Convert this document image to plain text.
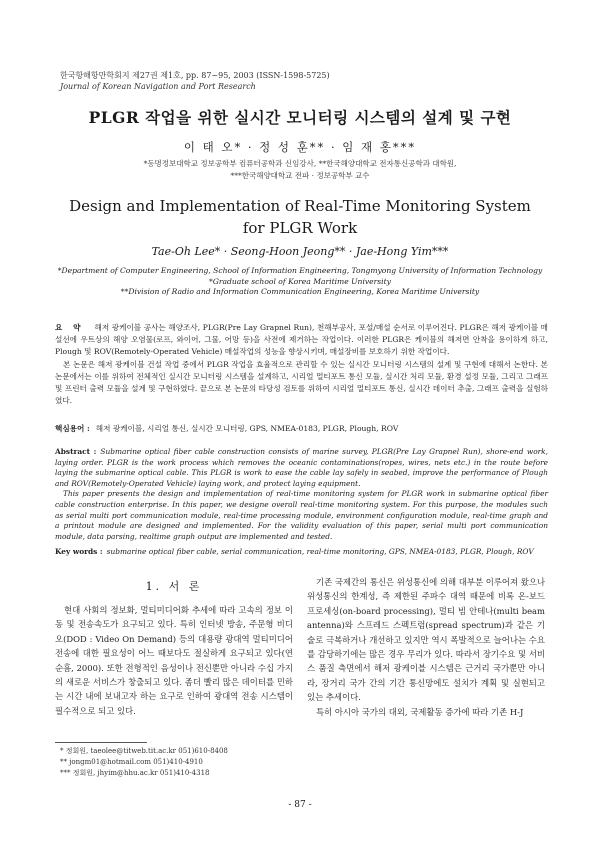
한국항해항만학회지 제27권 제1호, pp. 87~95, 2003 (ISSN-1598-5725)
Journal of Korean Navigation and Port Research
PLGR 작업을 위한 실시간 모니터링 시스템의 설계 및 구현
이 태 오* · 정 성 훈** · 임 재 홍***
*동명정보대학교 정보공학부 컴퓨터공학과 신임강사, **한국해양대학교 전자통신공학과 대학원,
***한국해양대학교 전파 · 정보공학부 교수
Design and Implementation of Real-Time Monitoring System
for PLGR Work
Tae-Oh Lee* · Seong-Hoon Jeong** · Jae-Hong Yim***
*Department of Computer Engineering, School of Information Engineering, Tongmyong University of Information Technology
*Graduate school of Korea Maritime University
**Division of Radio and Information Communication Engineering, Korea Maritime University

요 약 해저 광케이블 공사는 해양조사, PLGR(Pre Lay Grapnel Run), 천해부공사, 포설/매설 순서로 이루어진다. PLGR은 해저 광케이블 매설선에 우트상의 해양 오염물(로프, 와이어, 그물, 어망 등)을 사전에 제거하는 작업이다. 이러한 PLGR은 케이블의 해저면 안착을 용이하게 하고, Plough 및 ROV(Remotely-Operated Vehicle) 매설작업의 성능을 향상시키며, 매설장비를 보호하기 위한 작업이다.

본 논문은 해저 광케이블 건설 작업 중에서 PLGR 작업을 효율적으로 관리할 수 있는 실시간 모니터링 시스템의 설계 및 구현에 대해서 논한다. 본 논문에서는 이를 위하여 전체적인 실시간 모니터링 시스템을 설계하고, 시리얼 멀티포트 통신 모듈, 실시간 처리 모듈, 환경 설정 모듈, 그리고 그래프 및 프린터 출력 모듈을 설계 및 구현하였다. 끝으로 본 논문의 타당성 검토를 위하여 시리얼 멀티포트 통신, 실시간 데이터 추출, 그래프 출력을 실험하였다.

핵심용어 : 해저 광케이블, 시리얼 통신, 실시간 모니터링, GPS, NMEA-0183, PLGR, Plough, ROV

Abstract : Submarine optical fiber cable construction consists of marine survey, PLGR(Pre Lay Grapnel Run), shore-end work, laying order. PLGR is the work process which removes the oceanic contaminations(ropes, wires, nets etc.) in the route before laying the submarine optical cable. This PLGR is work to ease the cable lay safely in seabed, improve the performance of Plough and ROV(Remotely-Operated Vehicle) laying work, and protect laying equipment.

This paper presents the design and implementation of real-time monitoring system for PLGR work in submarine optical fiber cable construction enterprise. In this paper, we designe overall real-time monitoring system. For this purpose, the modules such as serial multi port communication module, real-time processing module, environment configuration module, real-time graph and a printout module are designed and implemented. For the validity evaluation of this paper, serial multi port communication module, data parsing, realtime graph output are implemented and tested.

Key words : submarine optical fiber cable, serial communication, real-time monitoring, GPS, NMEA-0183, PLGR, Plough, ROV
1. 서 론

현대 사회의 정보화, 멀티미디어화 추세에 따라 고속의 정보 이동 및 전송속도가 요구되고 있다. 특히 인터넷 방송, 주문형 비디오(DOD : Video On Demand) 등의 대용량 광대역 멀티미디어 전송에 대한 필요성이 어느 때보다도 절실하게 요구되고 있다(연순흠, 2000). 또한 전형적인 음성이나 전신뿐만 아니라 수십 가지의 새로운 서비스가 창출되고 있다. 좀더 빨리 많은 데이터를 민하는 시간 내에 보내고자 하는 요구로 인하여 광대역 전송 시스템이 필수적으로 되고 있다.

기존 국제간의 통신은 위성통신에 의해 대부분 이루어져 왔으나 위성통신의 한계성, 즉 제한된 주파수 대역 때문에 비록 온-보드 프로세싱(on-board processing), 멀티 빔 안테나(multi beam antenna)와 스프레드 스펙트럼(spread spectrum)과 같은 기술로 극복하거나 개선하고 있지만 역시 폭발적으로 늘어나는 수요를 감당하기에는 많은 경우 무리가 있다. 따라서 장기수요 및 서비스 품질 측면에서 해저 광케이블 시스템은 근거리 국가뿐만 아니라, 장거리 국가 간의 기간 통신망에도 설치가 계획 및 실현되고 있는 추세이다.

특히 아시아 국가의 대외, 국제활동 증가에 따라 기존 H-J

* 정회원, taeolee@titweb.tit.ac.kr 051)610-8408
** jongm01@hotmail.com 051)410-4910
*** 정회원, jhyim@hhu.ac.kr 051)410-4318
- 87 -
